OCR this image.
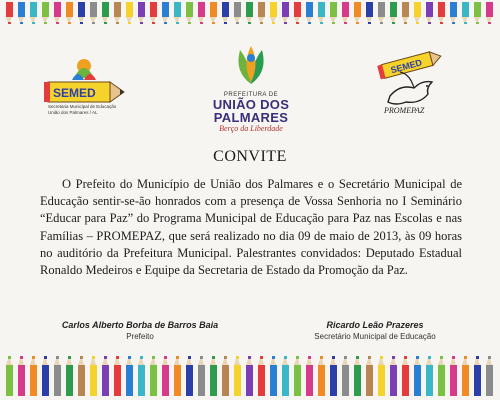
SEMED
Secretaria Municipal de Educação
União dos Palmares / AL
PREFEITURA DE
UNIÃO DOS PALMARES
Berço da Liberdade
SEMED
PROMEPAZ
CONVITE
O Prefeito do Município de União dos Palmares e o Secretário Municipal de Educação sentir-se-ão honrados com a presença de Vossa Senhoria no I Seminário “Educar para Paz” do Programa Municipal de Educação para Paz nas Escolas e nas Famílias – PROMEPAZ, que será realizado no dia 09 de maio de 2013, às 09 horas no auditório da Prefeitura Municipal. Palestrantes convidados: Deputado Estadual Ronaldo Medeiros e Equipe da Secretaria de Estado da Promoção da Paz.
Carlos Alberto Borba de Barros Baia
Prefeito
Ricardo Leão Prazeres
Secretário Municipal de Educação
